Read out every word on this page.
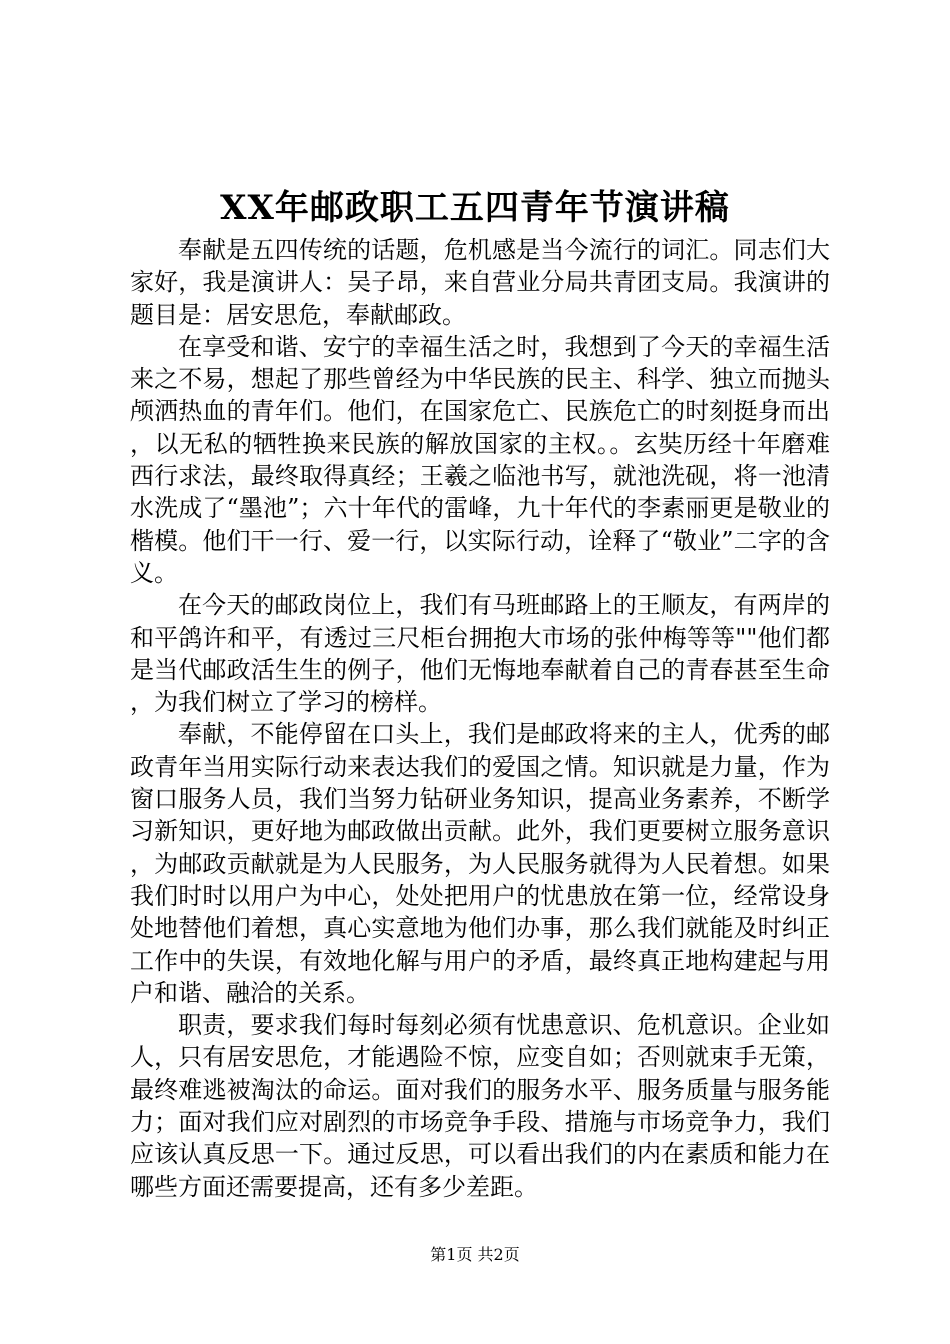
XX年邮政职工五四青年节演讲稿

奉献是五四传统的话题，危机感是当今流行的词汇。同志们大家好，我是演讲人：吴子昂，来自营业分局共青团支局。我演讲的题目是：居安思危，奉献邮政。

在享受和谐、安宁的幸福生活之时，我想到了今天的幸福生活来之不易，想起了那些曾经为中华民族的民主、科学、独立而抛头颅洒热血的青年们。他们，在国家危亡、民族危亡的时刻挺身而出，以无私的牺牲换来民族的解放国家的主权。。玄奘历经十年磨难西行求法，最终取得真经；王羲之临池书写，就池洗砚，将一池清水洗成了“墨池”；六十年代的雷峰，九十年代的李素丽更是敬业的楷模。他们干一行、爱一行，以实际行动，诠释了“敬业”二字的含义。

在今天的邮政岗位上，我们有马班邮路上的王顺友，有两岸的和平鸽许和平，有透过三尺柜台拥抱大市场的张仲梅等等""他们都是当代邮政活生生的例子，他们无悔地奉献着自己的青春甚至生命，为我们树立了学习的榜样。

奉献，不能停留在口头上，我们是邮政将来的主人，优秀的邮政青年当用实际行动来表达我们的爱国之情。知识就是力量，作为窗口服务人员，我们当努力钻研业务知识，提高业务素养，不断学习新知识，更好地为邮政做出贡献。此外，我们更要树立服务意识，为邮政贡献就是为人民服务，为人民服务就得为人民着想。如果我们时时以用户为中心，处处把用户的忧患放在第一位，经常设身处地替他们着想，真心实意地为他们办事，那么我们就能及时纠正工作中的失误，有效地化解与用户的矛盾，最终真正地构建起与用户和谐、融洽的关系。

职责，要求我们每时每刻必须有忧患意识、危机意识。企业如人，只有居安思危，才能遇险不惊，应变自如；否则就束手无策，最终难逃被淘汰的命运。面对我们的服务水平、服务质量与服务能力；面对我们应对剧烈的市场竞争手段、措施与市场竞争力，我们应该认真反思一下。通过反思，可以看出我们的内在素质和能力在哪些方面还需要提高，还有多少差距。

第1页 共2页
